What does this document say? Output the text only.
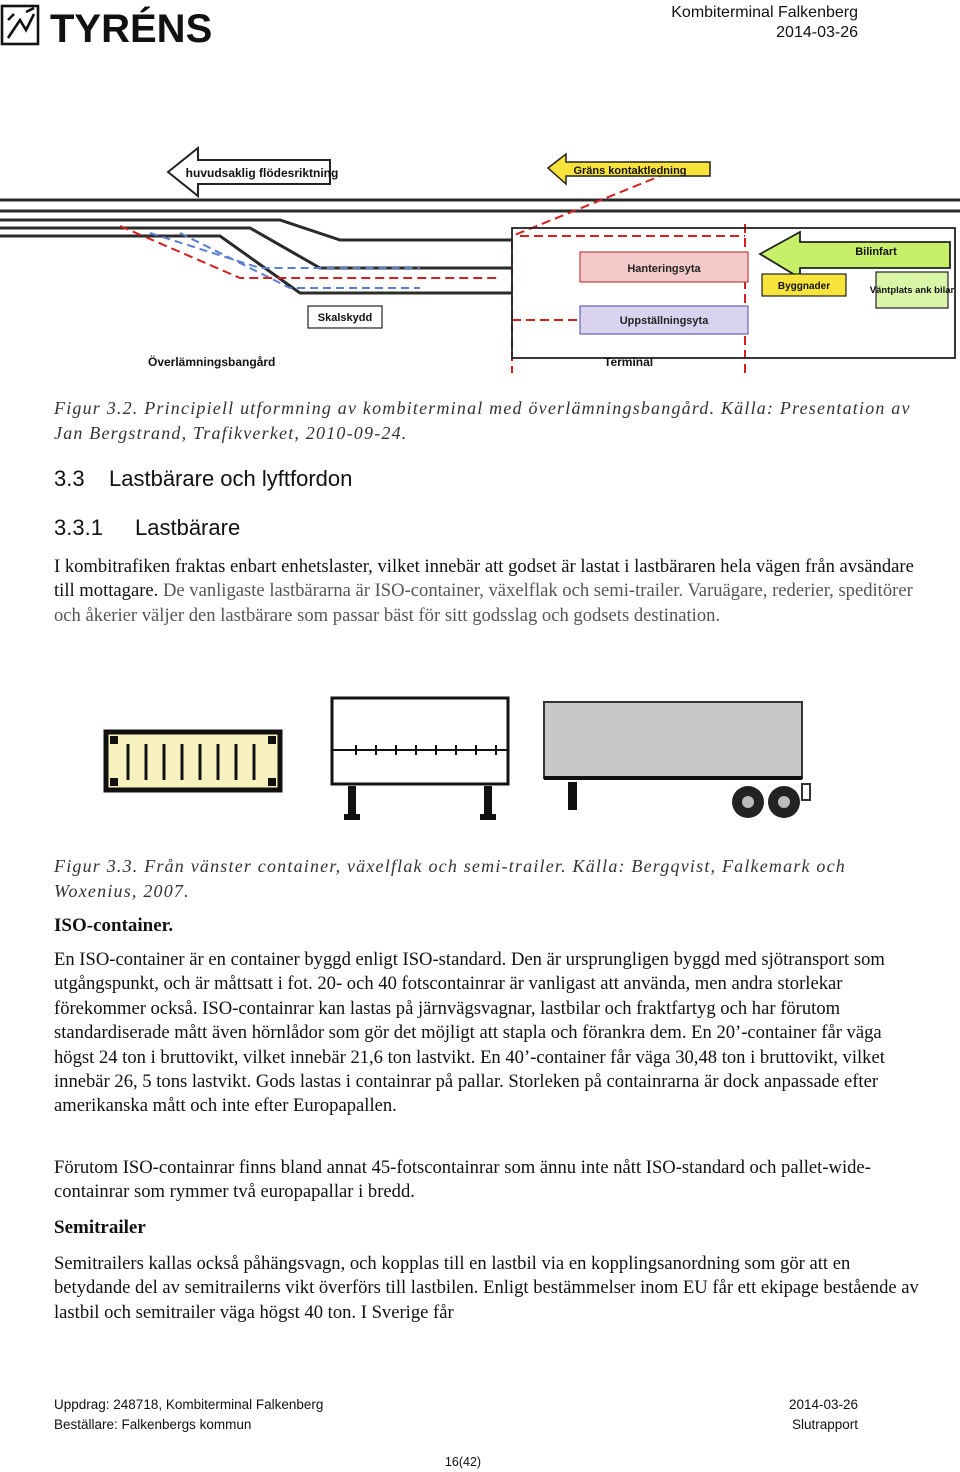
TYRÉNS	Kombiterminal Falkenberg
2014-03-26
Hanteringsyta
Uppställningsyta
huvudsaklig flödesriktning	Gräns kontaktledning
Bilinfart
Byggnader	Väntplats ank bilar
Skalskydd
Överlämningsbangård	Terminal
Figur 3.2. Principiell utformning av kombiterminal med överlämningsbangård. Källa: Presentation av Jan Bergstrand, Trafikverket, 2010-09-24.
3.3 Lastbärare och lyftfordon
3.3.1 Lastbärare
I kombitrafiken fraktas enbart enhetslaster, vilket innebär att godset är lastat i lastbäraren hela vägen från avsändare till mottagare. De vanligaste lastbärarna är ISO-container, växelflak och semi-trailer. Varuägare, rederier, speditörer och åkerier väljer den lastbärare som passar bäst för sitt godsslag och godsets destination.
Figur 3.3. Från vänster container, växelflak och semi-trailer. Källa: Bergqvist, Falkemark och Woxenius, 2007.
ISO-container.
En ISO-container är en container byggd enligt ISO-standard. Den är ursprungligen byggd med sjötransport som utgångspunkt, och är måttsatt i fot. 20- och 40 fotscontainrar är vanligast att använda, men andra storlekar förekommer också. ISO-containrar kan lastas på järnvägsvagnar, lastbilar och fraktfartyg och har förutom standardiserade mått även hörnlådor som gör det möjligt att stapla och förankra dem. En 20’-container får väga högst 24 ton i bruttovikt, vilket innebär 21,6 ton lastvikt. En 40’-container får väga 30,48 ton i bruttovikt, vilket innebär 26, 5 tons lastvikt. Gods lastas i containrar på pallar. Storleken på containrarna är dock anpassade efter amerikanska mått och inte efter Europapallen.
Förutom ISO-containrar finns bland annat 45-fotscontainrar som ännu inte nått ISO-standard och pallet-wide-containrar som rymmer två europapallar i bredd.
Semitrailer
Semitrailers kallas också påhängsvagn, och kopplas till en lastbil via en kopplingsanordning som gör att en betydande del av semitrailerns vikt överförs till lastbilen. Enligt bestämmelser inom EU får ett ekipage bestående av lastbil och semitrailer väga högst 40 ton. I Sverige får
Uppdrag: 248718, Kombiterminal Falkenberg
Beställare: Falkenbergs kommun
2014-03-26
Slutrapport
16(42)
